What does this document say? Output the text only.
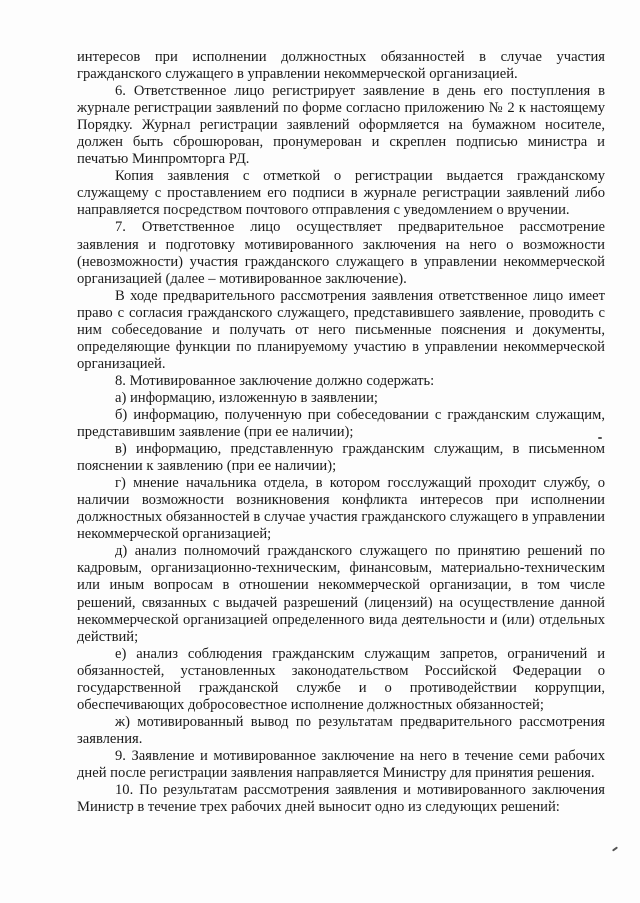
интересов при исполнении должностных обязанностей в случае участия гражданского служащего в управлении некоммерческой организацией.

6. Ответственное лицо регистрирует заявление в день его поступления в журнале регистрации заявлений по форме согласно приложению № 2 к настоящему Порядку. Журнал регистрации заявлений оформляется на бумажном носителе, должен быть сброшюрован, пронумерован и скреплен подписью министра и печатью Минпромторга РД.

Копия заявления с отметкой о регистрации выдается гражданскому служащему с проставлением его подписи в журнале регистрации заявлений либо направляется посредством почтового отправления с уведомлением о вручении.

7. Ответственное лицо осуществляет предварительное рассмотрение заявления и подготовку мотивированного заключения на него о возможности (невозможности) участия гражданского служащего в управлении некоммерческой организацией (далее – мотивированное заключение).

В ходе предварительного рассмотрения заявления ответственное лицо имеет право с согласия гражданского служащего, представившего заявление, проводить с ним собеседование и получать от него письменные пояснения и документы, определяющие функции по планируемому участию в управлении некоммерческой организацией.

8. Мотивированное заключение должно содержать:

а) информацию, изложенную в заявлении;

б) информацию, полученную при собеседовании с гражданским служащим, представившим заявление (при ее наличии);

в) информацию, представленную гражданским служащим, в письменном пояснении к заявлению (при ее наличии);

г) мнение начальника отдела, в котором госслужащий проходит службу, о наличии возможности возникновения конфликта интересов при исполнении должностных обязанностей в случае участия гражданского служащего в управлении некоммерческой организацией;

д) анализ полномочий гражданского служащего по принятию решений по кадровым, организационно-техническим, финансовым, материально-техническим или иным вопросам в отношении некоммерческой организации, в том числе решений, связанных с выдачей разрешений (лицензий) на осуществление данной некоммерческой организацией определенного вида деятельности и (или) отдельных действий;

е) анализ соблюдения гражданским служащим запретов, ограничений и обязанностей, установленных законодательством Российской Федерации о государственной гражданской службе и о противодействии коррупции, обеспечивающих добросовестное исполнение должностных обязанностей;

ж) мотивированный вывод по результатам предварительного рассмотрения заявления.

9. Заявление и мотивированное заключение на него в течение семи рабочих дней после регистрации заявления направляется Министру для принятия решения.

10. По результатам рассмотрения заявления и мотивированного заключения Министр в течение трех рабочих дней выносит одно из следующих решений:
